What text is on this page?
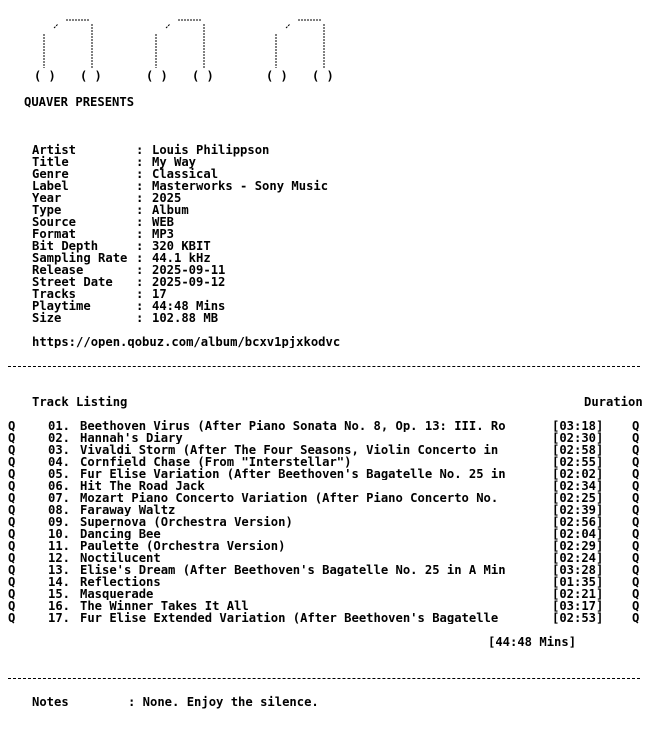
( ) ( )	( ) ( )	( ) ( )
QUAVER PRESENTS
Artist	: Louis Philippson
Title	: My Way
Genre	: Classical
Label	: Masterworks - Sony Music
Year	: 2025
Type	: Album
Source	: WEB
Format	: MP3
Bit Depth	: 320 KBIT
Sampling Rate : 44.1 kHz
Release	: 2025-09-11
Street Date	: 2025-09-12
Tracks	: 17
Playtime	: 44:48 Mins
Size	: 102.88 MB
https://open.qobuz.com/album/bcxv1pjxkodvc
Track Listing	Duration
Q	01. Beethoven Virus (After Piano Sonata No. 8, Op. 13: III. Ro	[03:18]	Q
Q	02. Hannah's Diary	[02:30]	Q
Q	03. Vivaldi Storm (After The Four Seasons, Violin Concerto in	[02:58]	Q
Q	04. Cornfield Chase (From "Interstellar")	[02:55]	Q
Q	05. Fur Elise Variation (After Beethoven's Bagatelle No. 25 in	[02:02]	Q
Q	06. Hit The Road Jack	[02:34]	Q
Q	07. Mozart Piano Concerto Variation (After Piano Concerto No.	[02:25]	Q
Q	08. Faraway Waltz	[02:39]	Q
Q	09. Supernova (Orchestra Version)	[02:56]	Q
Q	10. Dancing Bee	[02:04]	Q
Q	11. Paulette (Orchestra Version)	[02:29]	Q
Q	12. Noctilucent	[02:24]	Q
Q	13. Elise's Dream (After Beethoven's Bagatelle No. 25 in A Min	[03:28]	Q
Q	14. Reflections	[01:35]	Q
Q	15. Masquerade	[02:21]	Q
Q	16. The Winner Takes It All	[03:17]	Q
Q	17. Fur Elise Extended Variation (After Beethoven's Bagatelle	[02:53]	Q
[44:48 Mins]
Notes	: None. Enjoy the silence.
